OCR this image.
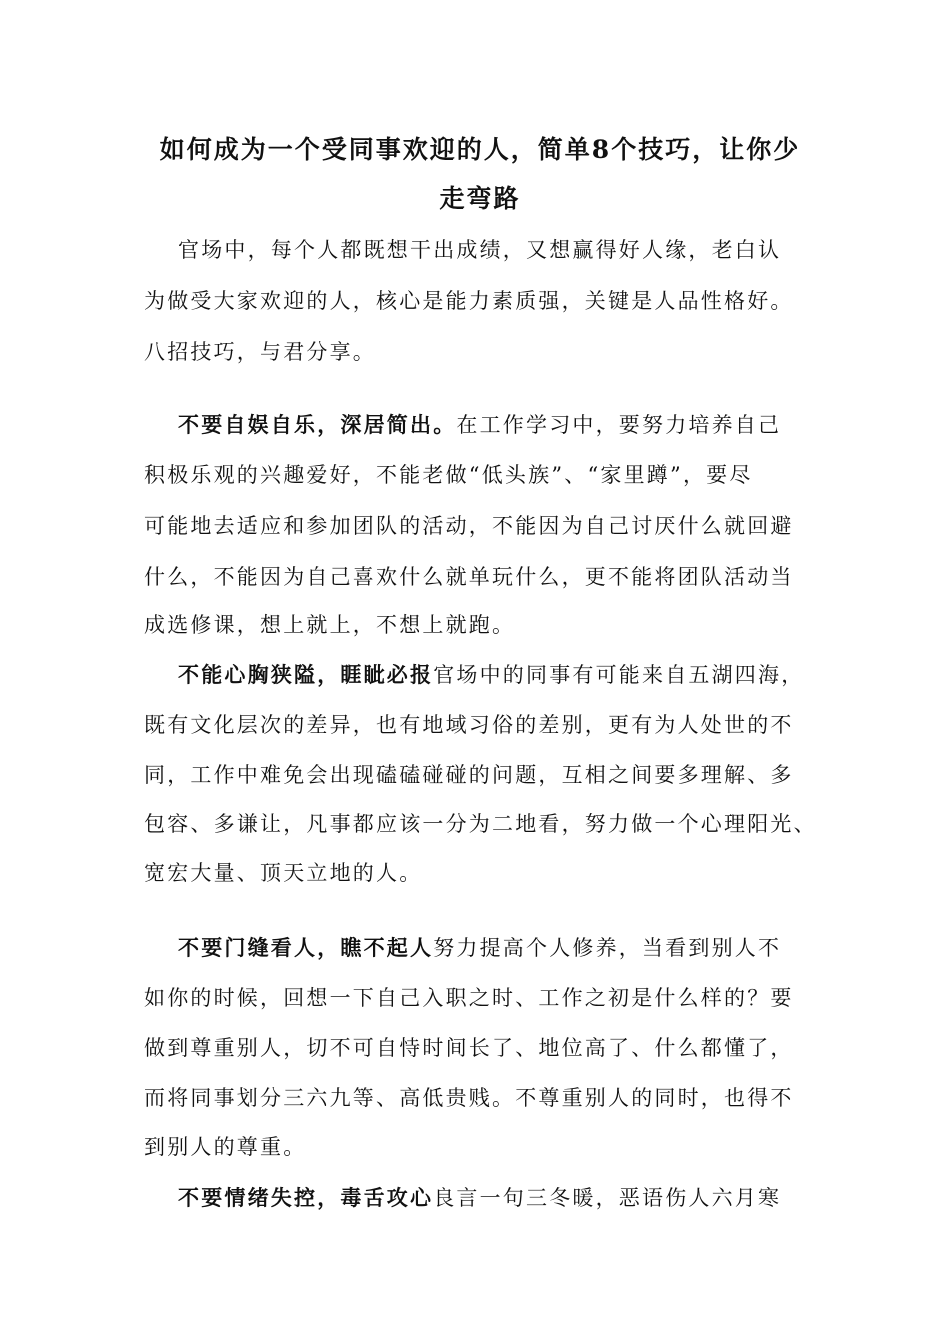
如何成为一个受同事欢迎的人，简单8个技巧，让你少
走弯路

官场中，每个人都既想干出成绩，又想赢得好人缘，老白认

为做受大家欢迎的人，核心是能力素质强，关键是人品性格好。

八招技巧，与君分享。

不要自娱自乐，深居简出。在工作学习中，要努力培养自己

积极乐观的兴趣爱好，不能老做“低头族”、“家里蹲”，要尽

可能地去适应和参加团队的活动，不能因为自己讨厌什么就回避

什么，不能因为自己喜欢什么就单玩什么，更不能将团队活动当

成选修课，想上就上，不想上就跑。

不能心胸狭隘，睚眦必报官场中的同事有可能来自五湖四海，

既有文化层次的差异，也有地域习俗的差别，更有为人处世的不

同，工作中难免会出现磕磕碰碰的问题，互相之间要多理解、多

包容、多谦让，凡事都应该一分为二地看，努力做一个心理阳光、

宽宏大量、顶天立地的人。

不要门缝看人，瞧不起人努力提高个人修养，当看到别人不

如你的时候，回想一下自己入职之时、工作之初是什么样的？要

做到尊重别人，切不可自恃时间长了、地位高了、什么都懂了，

而将同事划分三六九等、高低贵贱。不尊重别人的同时，也得不

到别人的尊重。

不要情绪失控，毒舌攻心良言一句三冬暖，恶语伤人六月寒
